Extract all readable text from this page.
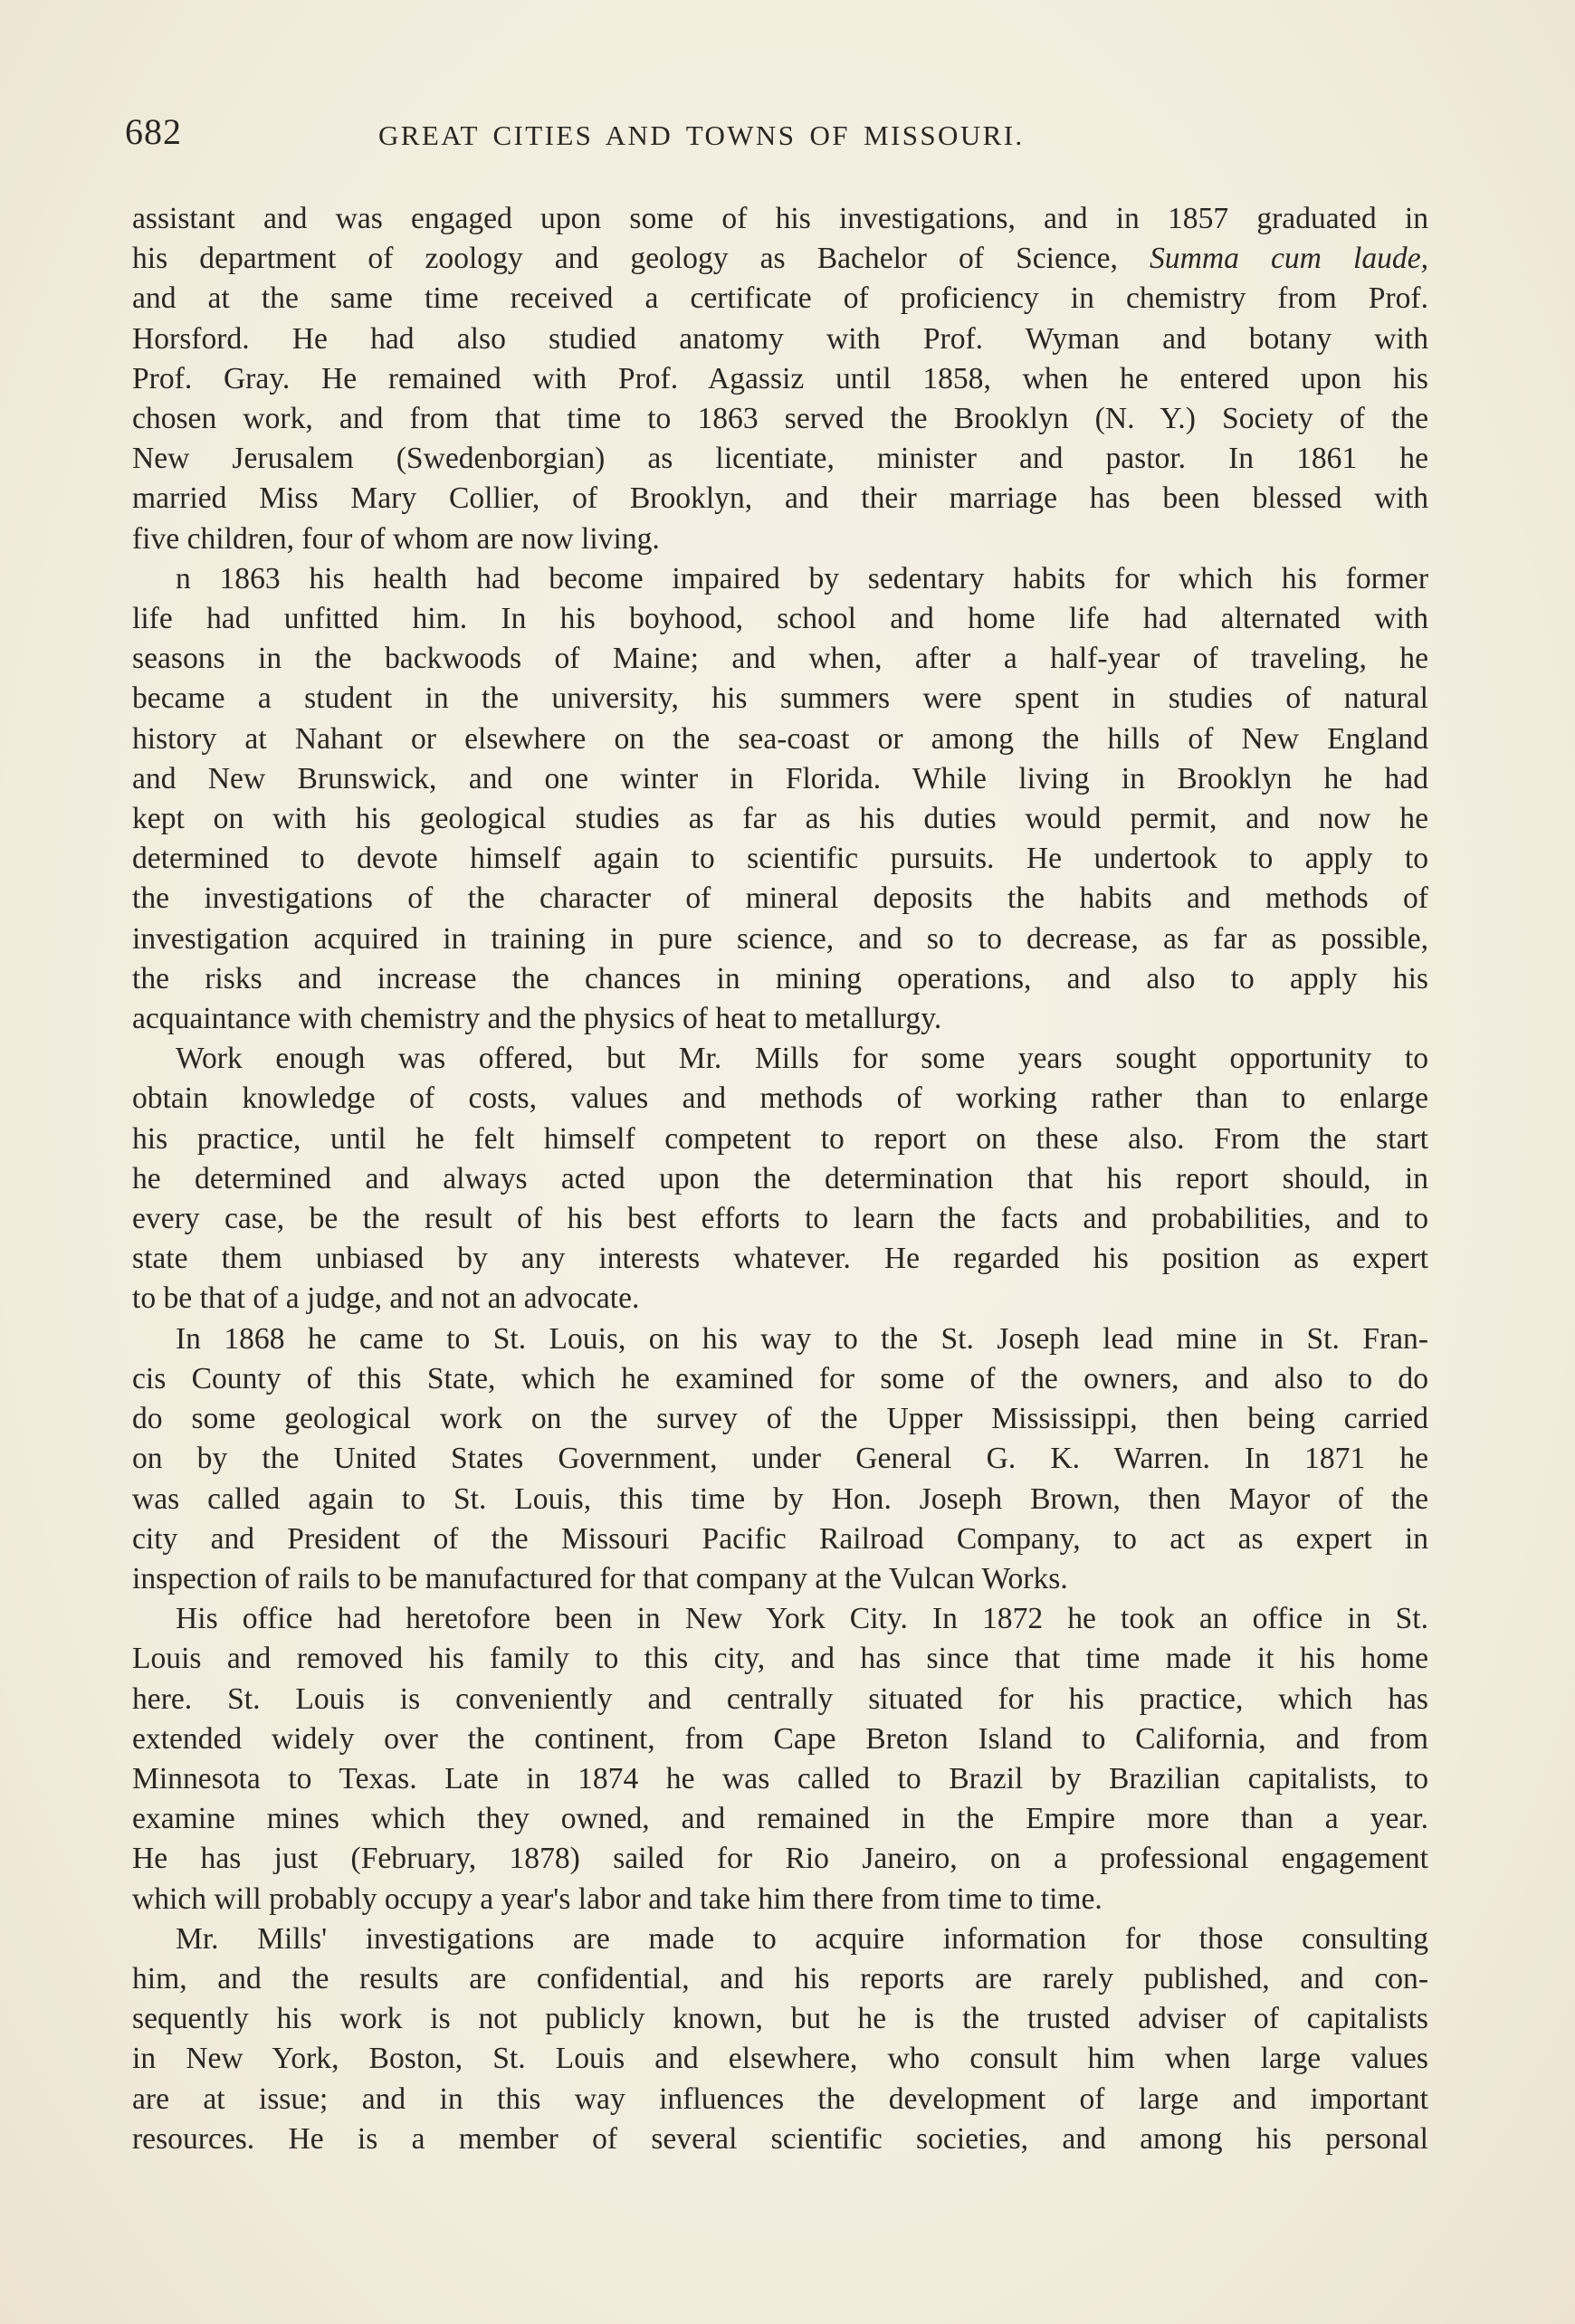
682	GREAT CITIES AND TOWNS OF MISSOURI.
assistant and was engaged upon some of his investigations, and in 1857 graduated in
his department of zoology and geology as Bachelor of Science, Summa cum laude,
and at the same time received a certificate of proficiency in chemistry from Prof.
Horsford. He had also studied anatomy with Prof. Wyman and botany with
Prof. Gray. He remained with Prof. Agassiz until 1858, when he entered upon his
chosen work, and from that time to 1863 served the Brooklyn (N. Y.) Society of the
New Jerusalem (Swedenborgian) as licentiate, minister and pastor. In 1861 he
married Miss Mary Collier, of Brooklyn, and their marriage has been blessed with
five children, four of whom are now living.
n 1863 his health had become impaired by sedentary habits for which his former
life had unfitted him. In his boyhood, school and home life had alternated with
seasons in the backwoods of Maine; and when, after a half-year of traveling, he
became a student in the university, his summers were spent in studies of natural
history at Nahant or elsewhere on the sea-coast or among the hills of New England
and New Brunswick, and one winter in Florida. While living in Brooklyn he had
kept on with his geological studies as far as his duties would permit, and now he
determined to devote himself again to scientific pursuits. He undertook to apply to
the investigations of the character of mineral deposits the habits and methods of
investigation acquired in training in pure science, and so to decrease, as far as possible,
the risks and increase the chances in mining operations, and also to apply his
acquaintance with chemistry and the physics of heat to metallurgy.
Work enough was offered, but Mr. Mills for some years sought opportunity to
obtain knowledge of costs, values and methods of working rather than to enlarge
his practice, until he felt himself competent to report on these also. From the start
he determined and always acted upon the determination that his report should, in
every case, be the result of his best efforts to learn the facts and probabilities, and to
state them unbiased by any interests whatever. He regarded his position as expert
to be that of a judge, and not an advocate.
In 1868 he came to St. Louis, on his way to the St. Joseph lead mine in St. Fran-
cis County of this State, which he examined for some of the owners, and also to do
do some geological work on the survey of the Upper Mississippi, then being carried
on by the United States Government, under General G. K. Warren. In 1871 he
was called again to St. Louis, this time by Hon. Joseph Brown, then Mayor of the
city and President of the Missouri Pacific Railroad Company, to act as expert in
inspection of rails to be manufactured for that company at the Vulcan Works.
His office had heretofore been in New York City. In 1872 he took an office in St.
Louis and removed his family to this city, and has since that time made it his home
here. St. Louis is conveniently and centrally situated for his practice, which has
extended widely over the continent, from Cape Breton Island to California, and from
Minnesota to Texas. Late in 1874 he was called to Brazil by Brazilian capitalists, to
examine mines which they owned, and remained in the Empire more than a year.
He has just (February, 1878) sailed for Rio Janeiro, on a professional engagement
which will probably occupy a year's labor and take him there from time to time.
Mr. Mills' investigations are made to acquire information for those consulting
him, and the results are confidential, and his reports are rarely published, and con-
sequently his work is not publicly known, but he is the trusted adviser of capitalists
in New York, Boston, St. Louis and elsewhere, who consult him when large values
are at issue; and in this way influences the development of large and important
resources. He is a member of several scientific societies, and among his personal
